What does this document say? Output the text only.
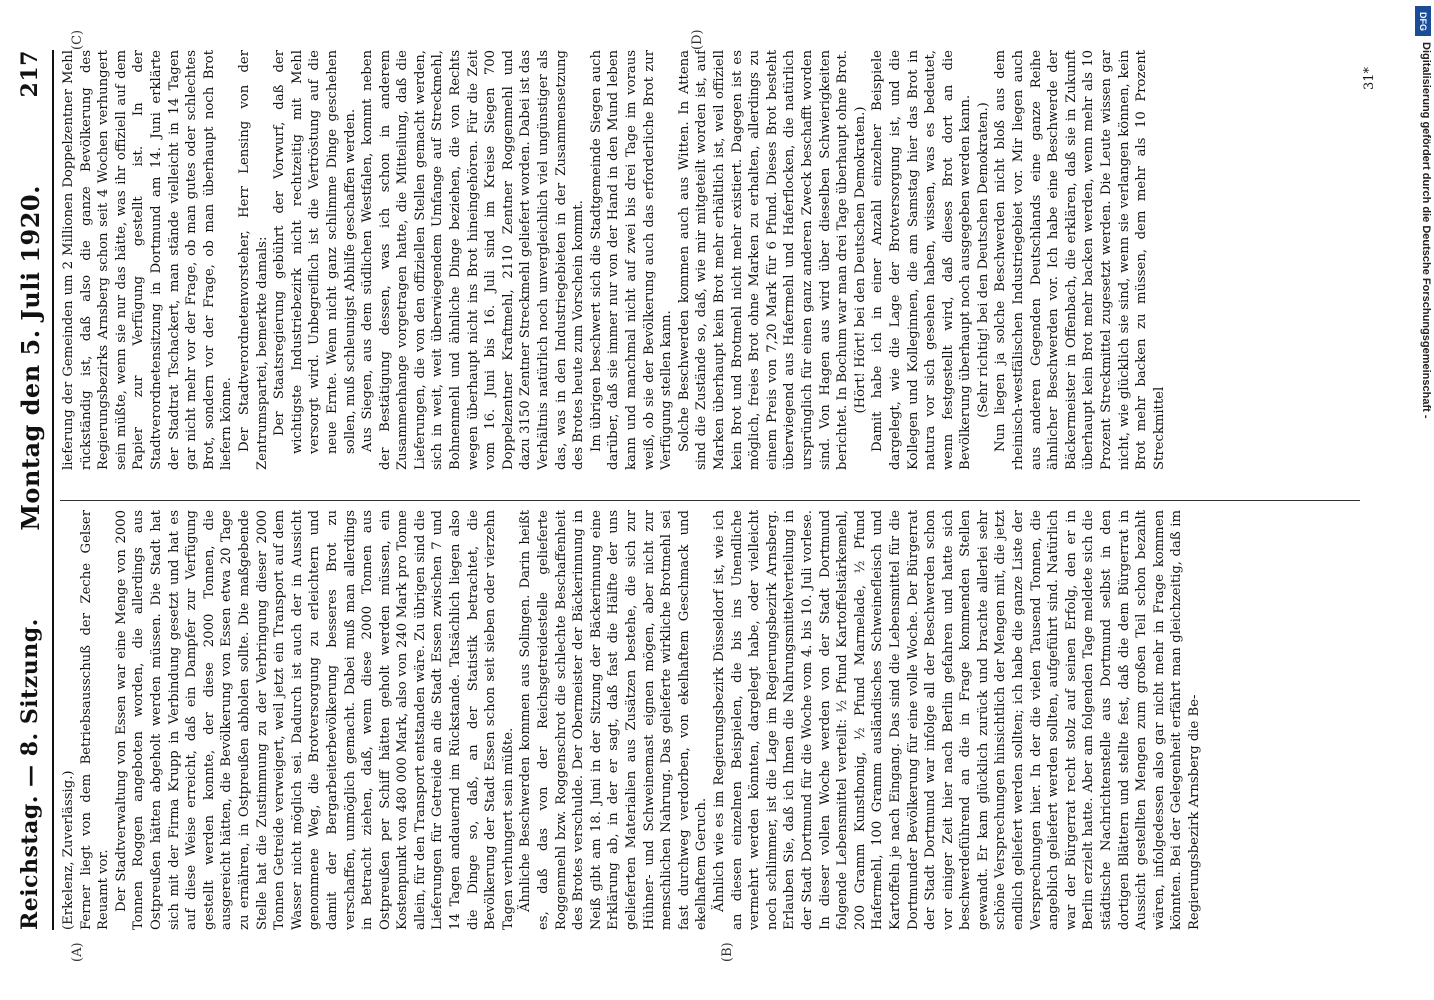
Reichstag. — 8. Sitzung.
Montag den 5. Juli 1920.
217
(A)	(B)
(C)	(D)

(Erkelenz, Zuverlässig.) Ferner liegt von dem Betriebsausschuß der Zeche Gelser Reuamt vor. Der Stadtverwaltung von Essen war eine Menge von 2000 Tonnen Roggen angeboten worden, die allerdings aus Ostpreußen hätten abgeholt werden müssen. Die Stadt hat sich mit der Firma Krupp in Verbindung gesetzt und hat es auf diese Weise erreicht, daß ein Dampfer zur Verfügung gestellt werden konnte, der diese 2000 Tonnen, die ausgereicht hätten, die Bevölkerung von Essen etwa 20 Tage zu ernähren, in Ostpreußen abholen sollte. Die maßgebende Stelle hat die Zustimmung zu der Verbringung dieser 2000 Tonnen Getreide verweigert, weil jetzt ein Transport auf dem Wasser nicht möglich sei. Dadurch ist auch der in Aussicht genommene Weg, die Brotversorgung zu erleichtern und damit der Bergarbeiterbevölkerung besseres Brot zu verschaffen, unmöglich gemacht. Dabei muß man allerdings in Betracht ziehen, daß, wenn diese 2000 Tonnen aus Ostpreußen per Schiff hätten geholt werden müssen, ein Kostenpunkt von 480 000 Mark, also von 240 Mark pro Tonne allein, für den Transport entstanden wäre. Zu übrigen sind die Lieferungen für Getreide an die Stadt Essen zwischen 7 und 14 Tagen andauernd im Rückstande. Tatsächlich liegen also die Dinge so, daß, an der Statistik betrachtet, die Bevölkerung der Stadt Essen schon seit sieben oder vierzehn Tagen verhungert sein müßte. Ähnliche Beschwerden kommen aus Solingen. Darin heißt es, daß das von der Reichsgetreidestelle gelieferte Roggenmehl bzw. Roggenschrot die schlechte Beschaffenheit des Brotes verschulde. Der Obermeister der Bäckerinnung in Neiß gibt am 18. Juni in der Sitzung der Bäckerinnung eine Erklärung ab, in der er sagt, daß fast die Hälfte der uns gelieferten Materialien aus Zusätzen bestehe, die sich zur Hühner- und Schweinemast eignen mögen, aber nicht zur menschlichen Nahrung. Das gelieferte wirkliche Brotmehl sei fast durchweg verdorben, von ekelhaftem Geschmack und ekelhaftem Geruch. Ähnlich wie es im Regierungsbezirk Düsseldorf ist, wie ich an diesen einzelnen Beispielen, die bis ins Unendliche vermehrt werden könnten, dargelegt habe, oder vielleicht noch schlimmer, ist die Lage im Regierungsbezirk Arnsberg. Erlauben Sie, daß ich Ihnen die Nahrungsmittelverteilung in der Stadt Dortmund für die Woche vom 4. bis 10. Juli vorlese. In dieser vollen Woche werden von der Stadt Dortmund folgende Lebensmittel verteilt: ½ Pfund Kartoffelstärkemehl, 200 Gramm Kunsthonig, ½ Pfund Marmelade, ½ Pfund Hafermehl, 100 Gramm ausländisches Schweinefleisch und Kartoffeln je nach Eingang. Das sind die Lebensmittel für die Dortmunder Bevölkerung für eine volle Woche. Der Bürgerrat der Stadt Dortmund war infolge all der Beschwerden schon vor einiger Zeit hier nach Berlin gefahren und hatte sich beschwerdeführend an die in Frage kommenden Stellen gewandt. Er kam glücklich zurück und brachte allerlei sehr schöne Versprechungen hinsichtlich der Mengen mit, die jetzt endlich geliefert werden sollten; ich habe die ganze Liste der Versprechungen hier. In der die vielen Tausend Tonnen, die angeblich geliefert werden sollten, aufgeführt sind. Natürlich war der Bürgerrat recht stolz auf seinen Erfolg, den er in Berlin erzielt hatte. Aber am folgenden Tage meldete sich die städtische Nachrichtenstelle aus Dortmund selbst in den dortigen Blättern und stellte fest, daß die dem Bürgerrat in Aussicht gestellten Mengen zum großen Teil schon bezahlt wären, infolgedessen also gar nicht mehr in Frage kommen könnten. Bei der Gelegenheit erfährt man gleichzeitig, daß im Regierungsbezirk Arnsberg die Be-

lieferung der Gemeinden um 2 Millionen Doppelzentner Mehl rückständig ist, daß also die ganze Bevölkerung des Regierungsbezirks Arnsberg schon seit 4 Wochen verhungert sein müßte, wenn sie nur das hätte, was ihr offiziell auf dem Papier zur Verfügung gestellt ist. In der Stadtverordnetensitzung in Dortmund am 14. Juni erklärte der Stadtrat Tschackert, man stände vielleicht in 14 Tagen gar nicht mehr vor der Frage, ob man gutes oder schlechtes Brot, sondern vor der Frage, ob man überhaupt noch Brot liefern könne. Der Stadtverordnetenvorsteher, Herr Lensing von der Zentrumspartei, bemerkte damals: Der Staatsregierung gebührt der Vorwurf, daß der wichtigste Industriebezirk nicht rechtzeitig mit Mehl versorgt wird. Unbegreiflich ist die Vertröstung auf die neue Ernte. Wenn nicht ganz schlimme Dinge geschehen sollen, muß schleunigst Abhilfe geschaffen werden. Aus Siegen, aus dem südlichen Westfalen, kommt neben der Bestätigung dessen, was ich schon in anderem Zusammenhange vorgetragen hatte, die Mitteilung, daß die Lieferungen, die von den offiziellen Stellen gemacht werden, sich in weit, weit überwiegendem Umfange auf Streckmehl, Bohnenmehl und ähnliche Dinge beziehen, die von Rechts wegen überhaupt nicht ins Brot hineingehören. Für die Zeit vom 16. Juni bis 16. Juli sind im Kreise Siegen 700 Doppelzentner Kraftmehl, 2110 Zentner Roggenmehl und dazu 3150 Zentner Streckmehl geliefert worden. Dabei ist das Verhältnis natürlich noch unvergleichlich viel ungünstiger als das, was in den Industriegebieten in der Zusammensetzung des Brotes heute zum Vorschein kommt. Im übrigen beschwert sich die Stadtgemeinde Siegen auch darüber, daß sie immer nur von der Hand in den Mund leben kann und manchmal nicht auf zwei bis drei Tage im voraus weiß, ob sie der Bevölkerung auch das erforderliche Brot zur Verfügung stellen kann. Solche Beschwerden kommen auch aus Witten. In Attena sind die Zustände so, daß, wie mir mitgeteilt worden ist, auf Marken überhaupt kein Brot mehr erhältlich ist, weil offiziell kein Brot und Brotmehl nicht mehr existiert. Dagegen ist es möglich, freies Brot ohne Marken zu erhalten, allerdings zu einem Preis von 7,20 Mark für 6 Pfund. Dieses Brot besteht überwiegend aus Hafermehl und Haferflocken, die natürlich ursprünglich für einen ganz anderen Zweck beschafft worden sind. Von Hagen aus wird über dieselben Schwierigkeiten berichtet. In Bochum war man drei Tage überhaupt ohne Brot. (Hört! Hört! bei den Deutschen Demokraten.) Damit habe ich in einer Anzahl einzelner Beispiele dargelegt, wie die Lage der Brotversorgung ist, und die Kollegen und Kolleginnen, die am Samstag hier das Brot in natura vor sich gesehen haben, wissen, was es bedeutet, wenn festgestellt wird, daß dieses Brot dort an die Bevölkerung überhaupt noch ausgegeben werden kann. (Sehr richtig! bei den Deutschen Demokraten.) Nun liegen ja solche Beschwerden nicht bloß aus dem rheinisch-westfälischen Industriegebiet vor. Mir liegen auch aus anderen Gegenden Deutschlands eine ganze Reihe ähnlicher Beschwerden vor. Ich habe eine Beschwerde der Bäckermeister in Offenbach, die erklären, daß sie in Zukunft überhaupt kein Brot mehr backen werden, wenn mehr als 10 Prozent Streckmittel zugesetzt werden. Die Leute wissen gar nicht, wie glücklich sie sind, wenn sie verlangen können, kein Brot mehr backen zu müssen, dem mehr als 10 Prozent Streckmittel

31*
DFG
Digitalisierung gefördert durch die Deutsche Forschungsgemeinschaft -
